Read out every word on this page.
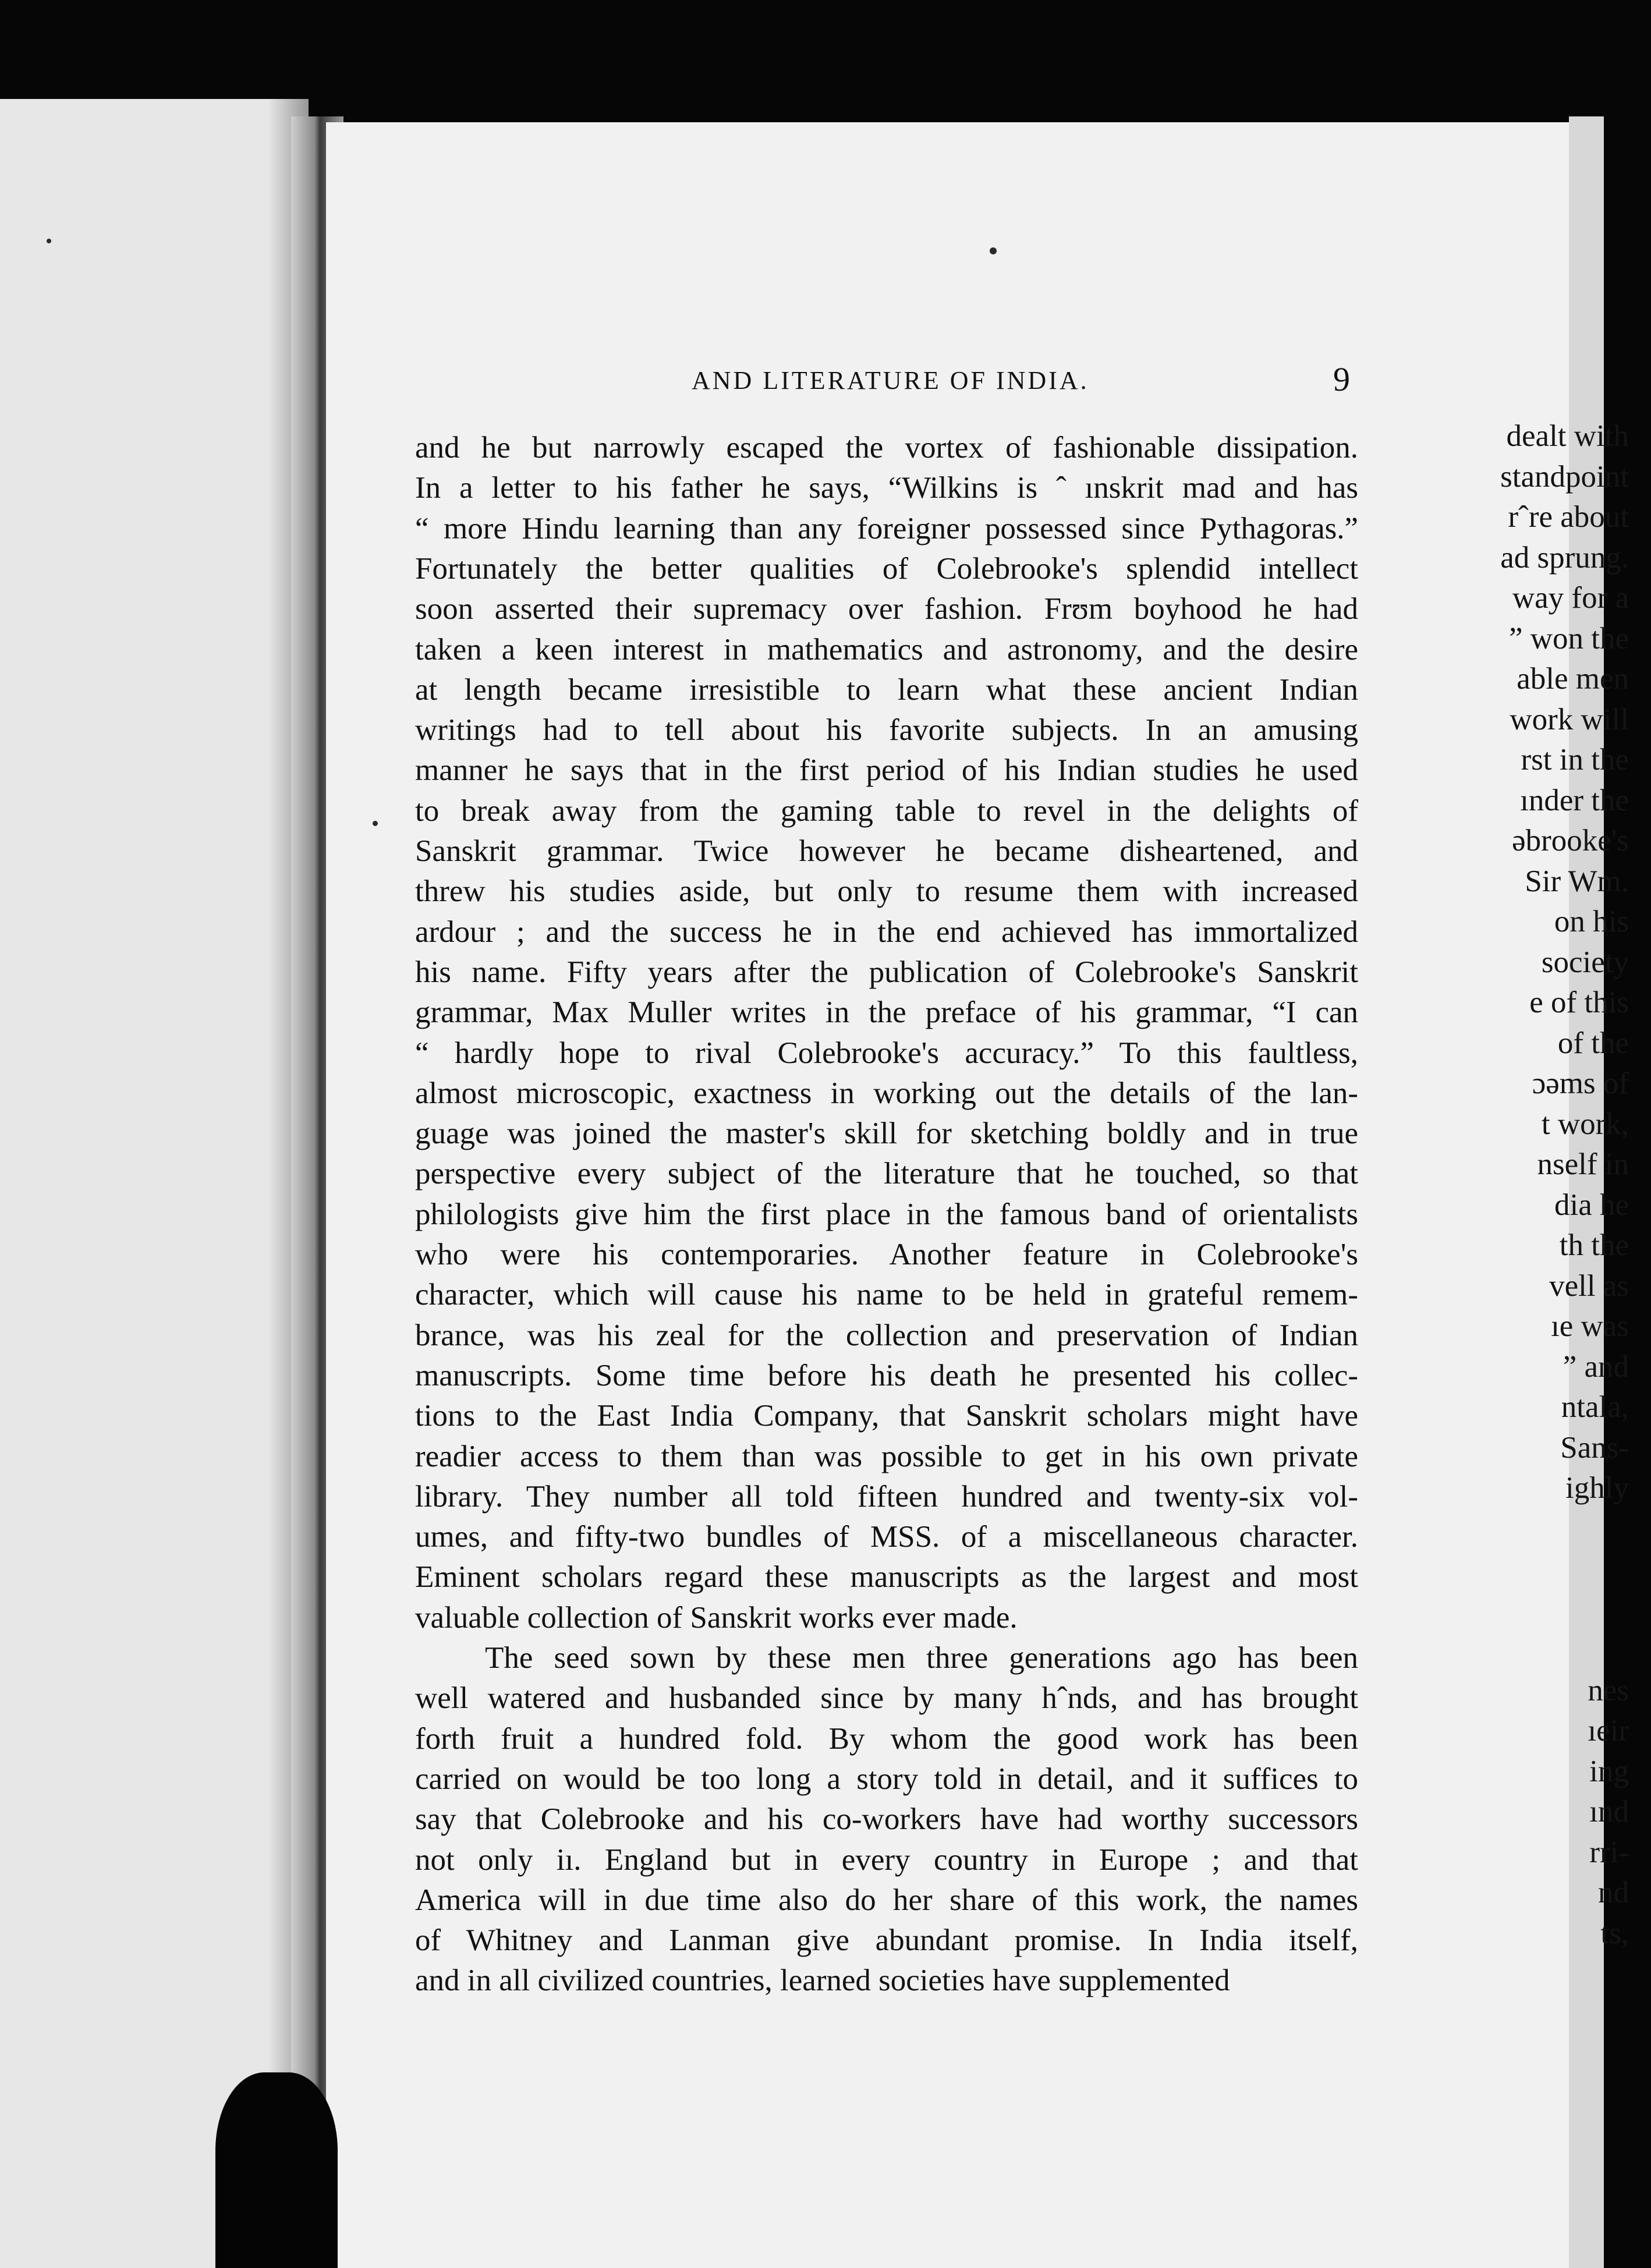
AND LITERATURE OF INDIA.	9
dealt with
standpoint
rˆre about
ad sprung.
way for a
” won the
able men
work will
rst in the
ınder the
əbrooke's
Sir Wm.
on his
society
e of this
of the
ɔəms of
t work,
nself in
dia he
th the
vell as
ıe was
” and
ntala,
Sans-
ighly
nes
ıeir
ing
ınd
rri-
nd
ts,
and he but narrowly escaped the vortex of fashionable dissipation.
In a letter to his father he says, “Wilkins is ˆ ınskrit mad and has
“ more Hindu learning than any foreigner possessed since Pythagoras.”
Fortunately the better qualities of Colebrooke's splendid intellect
soon asserted their supremacy over fashion. Frʊm boyhood he had
taken a keen interest in mathematics and astronomy, and the desire
at length became irresistible to learn what these ancient Indian
writings had to tell about his favorite subjects. In an amusing
manner he says that in the first period of his Indian studies he used
to break away from the gaming table to revel in the delights of
Sanskrit grammar. Twice however he became disheartened, and
threw his studies aside, but only to resume them with increased
ardour ; and the success he in the end achieved has immortalized
his name. Fifty years after the publication of Colebrooke's Sanskrit
grammar, Max Muller writes in the preface of his grammar, “I can
“ hardly hope to rival Colebrooke's accuracy.” To this faultless,
almost microscopic, exactness in working out the details of the lan-
guage was joined the master's skill for sketching boldly and in true
perspective every subject of the literature that he touched, so that
philologists give him the first place in the famous band of orientalists
who were his contemporaries. Another feature in Colebrooke's
character, which will cause his name to be held in grateful remem-
brance, was his zeal for the collection and preservation of Indian
manuscripts. Some time before his death he presented his collec-
tions to the East India Company, that Sanskrit scholars might have
readier access to them than was possible to get in his own private
library. They number all told fifteen hundred and twenty-six vol-
umes, and fifty-two bundles of MSS. of a miscellaneous character.
Eminent scholars regard these manuscripts as the largest and most
valuable collection of Sanskrit works ever made.
The seed sown by these men three generations ago has been
well watered and husbanded since by many hˆnds, and has brought
forth fruit a hundred fold. By whom the good work has been
carried on would be too long a story told in detail, and it suffices to
say that Colebrooke and his co-workers have had worthy successors
not only iı. England but in every country in Europe ; and that
America will in due time also do her share of this work, the names
of Whitney and Lanman give abundant promise. In India itself,
and in all civilized countries, learned societies have supplemented
